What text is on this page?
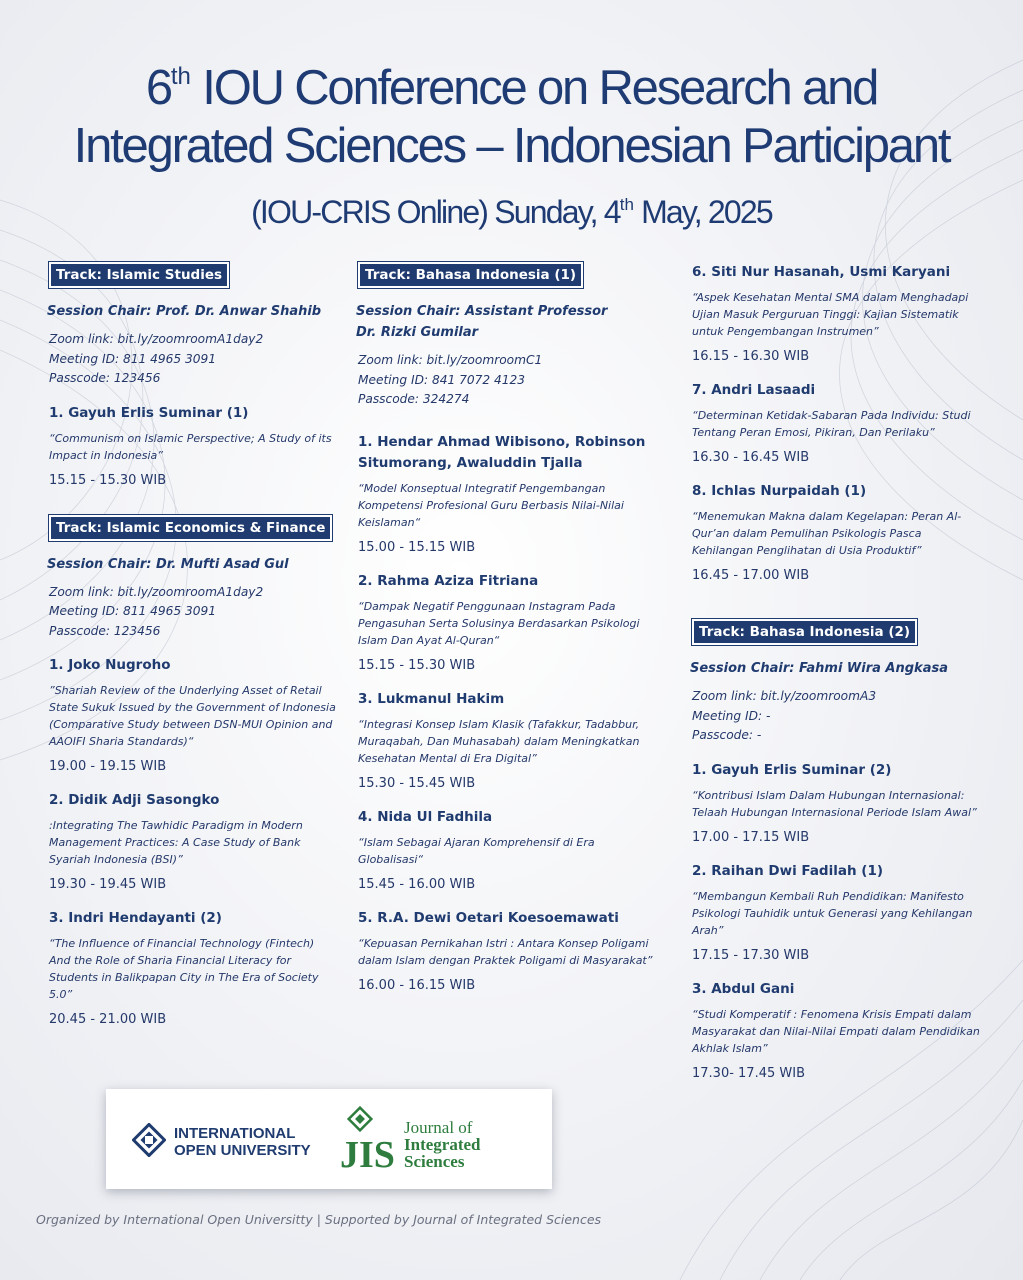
6th IOU Conference on Research and
Integrated Sciences – Indonesian Participant
(IOU-CRIS Online) Sunday, 4th May, 2025
Track: Islamic Studies
Session Chair: Prof. Dr. Anwar Shahib
Zoom link: bit.ly/zoomroomA1day2
Meeting ID: 811 4965 3091
Passcode: 123456
1. Gayuh Erlis Suminar (1)
“Communism on Islamic Perspective; A Study of its Impact in Indonesia”
15.15 - 15.30 WIB
Track: Islamic Economics & Finance
Session Chair: Dr. Mufti Asad Gul
Zoom link: bit.ly/zoomroomA1day2
Meeting ID: 811 4965 3091
Passcode: 123456
1. Joko Nugroho
”Shariah Review of the Underlying Asset of Retail State Sukuk Issued by the Government of Indonesia (Comparative Study between DSN-MUI Opinion and AAOIFI Sharia Standards)“
19.00 - 19.15 WIB
2. Didik Adji Sasongko
:Integrating The Tawhidic Paradigm in Modern Management Practices: A Case Study of Bank Syariah Indonesia (BSI)”
19.30 - 19.45 WIB
3. Indri Hendayanti (2)
“The Influence of Financial Technology (Fintech) And the Role of Sharia Financial Literacy for Students in Balikpapan City in The Era of Society 5.0”
20.45 - 21.00 WIB
Track: Bahasa Indonesia (1)
Session Chair: Assistant Professor
Dr. Rizki Gumilar
Zoom link: bit.ly/zoomroomC1
Meeting ID: 841 7072 4123
Passcode: 324274
1. Hendar Ahmad Wibisono, Robinson Situmorang, Awaluddin Tjalla
“Model Konseptual Integratif Pengembangan Kompetensi Profesional Guru Berbasis Nilai-Nilai Keislaman“
15.00 - 15.15 WIB
2. Rahma Aziza Fitriana
“Dampak Negatif Penggunaan Instagram Pada Pengasuhan Serta Solusinya Berdasarkan Psikologi Islam Dan Ayat Al-Quran“
15.15 - 15.30 WIB
3. Lukmanul Hakim
“Integrasi Konsep Islam Klasik (Tafakkur, Tadabbur, Muraqabah, Dan Muhasabah) dalam Meningkatkan Kesehatan Mental di Era Digital”
15.30 - 15.45 WIB
4. Nida Ul Fadhila
“Islam Sebagai Ajaran Komprehensif di Era Globalisasi“
15.45 - 16.00 WIB
5. R.A. Dewi Oetari Koesoemawati
“Kepuasan Pernikahan Istri : Antara Konsep Poligami dalam Islam dengan Praktek Poligami di Masyarakat”
16.00 - 16.15 WIB
6. Siti Nur Hasanah, Usmi Karyani
“Aspek Kesehatan Mental SMA dalam Menghadapi Ujian Masuk Perguruan Tinggi: Kajian Sistematik untuk Pengembangan Instrumen”
16.15 - 16.30 WIB
7. Andri Lasaadi
“Determinan Ketidak-Sabaran Pada Individu: Studi Tentang Peran Emosi, Pikiran, Dan Perilaku”
16.30 - 16.45 WIB
8. Ichlas Nurpaidah (1)
“Menemukan Makna dalam Kegelapan: Peran Al-Qur’an dalam Pemulihan Psikologis Pasca Kehilangan Penglihatan di Usia Produktif”
16.45 - 17.00 WIB
Track: Bahasa Indonesia (2)
Session Chair: Fahmi Wira Angkasa
Zoom link: bit.ly/zoomroomA3
Meeting ID: -
Passcode: -
1. Gayuh Erlis Suminar (2)
“Kontribusi Islam Dalam Hubungan Internasional: Telaah Hubungan Internasional Periode Islam Awal”
17.00 - 17.15 WIB
2. Raihan Dwi Fadilah (1)
“Membangun Kembali Ruh Pendidikan: Manifesto Psikologi Tauhidik untuk Generasi yang Kehilangan Arah”
17.15 - 17.30 WIB
3. Abdul Gani
“Studi Komperatif : Fenomena Krisis Empati dalam Masyarakat dan Nilai-Nilai Empati dalam Pendidikan Akhlak Islam”
17.30- 17.45 WIB
INTERNATIONAL
OPEN UNIVERSITY JIS
Journal of
Integrated
Sciences
Organized by International Open Universitty | Supported by Journal of Integrated Sciences
